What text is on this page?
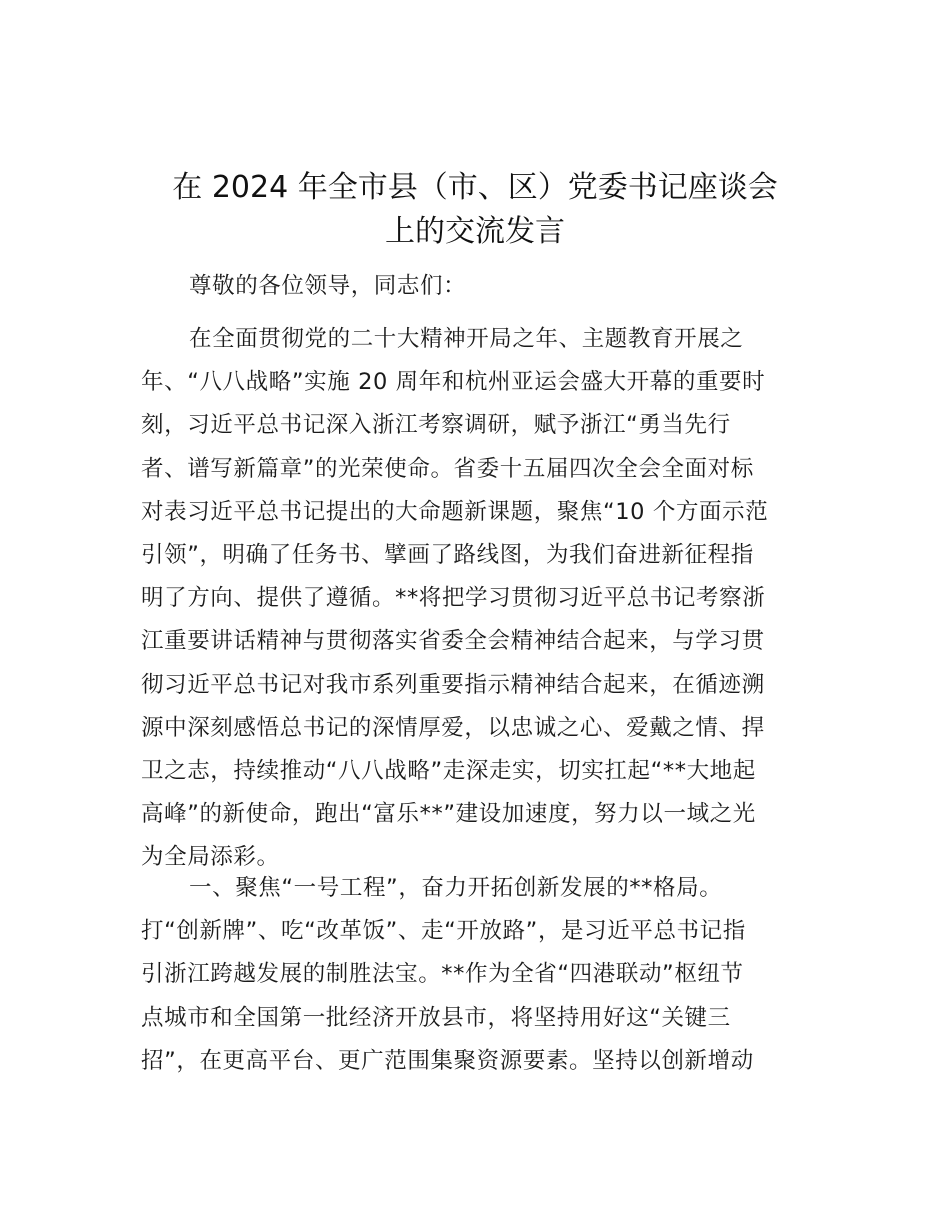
在 2024 年全市县（市、区）党委书记座谈会
上的交流发言
尊敬的各位领导，同志们：
在全面贯彻党的二十大精神开局之年、主题教育开展之
年、“八八战略”实施 20 周年和杭州亚运会盛大开幕的重要时
刻，习近平总书记深入浙江考察调研，赋予浙江“勇当先行
者、谱写新篇章”的光荣使命。省委十五届四次全会全面对标
对表习近平总书记提出的大命题新课题，聚焦“10 个方面示范
引领”，明确了任务书、擘画了路线图，为我们奋进新征程指
明了方向、提供了遵循。**将把学习贯彻习近平总书记考察浙
江重要讲话精神与贯彻落实省委全会精神结合起来，与学习贯
彻习近平总书记对我市系列重要指示精神结合起来，在循迹溯
源中深刻感悟总书记的深情厚爱，以忠诚之心、爱戴之情、捍
卫之志，持续推动“八八战略”走深走实，切实扛起“**大地起
高峰”的新使命，跑出“富乐**”建设加速度，努力以一域之光
为全局添彩。
一、聚焦“一号工程”，奋力开拓创新发展的**格局。
打“创新牌”、吃“改革饭”、走“开放路”，是习近平总书记指
引浙江跨越发展的制胜法宝。**作为全省“四港联动”枢纽节
点城市和全国第一批经济开放县市，将坚持用好这“关键三
招”，在更高平台、更广范围集聚资源要素。坚持以创新增动
